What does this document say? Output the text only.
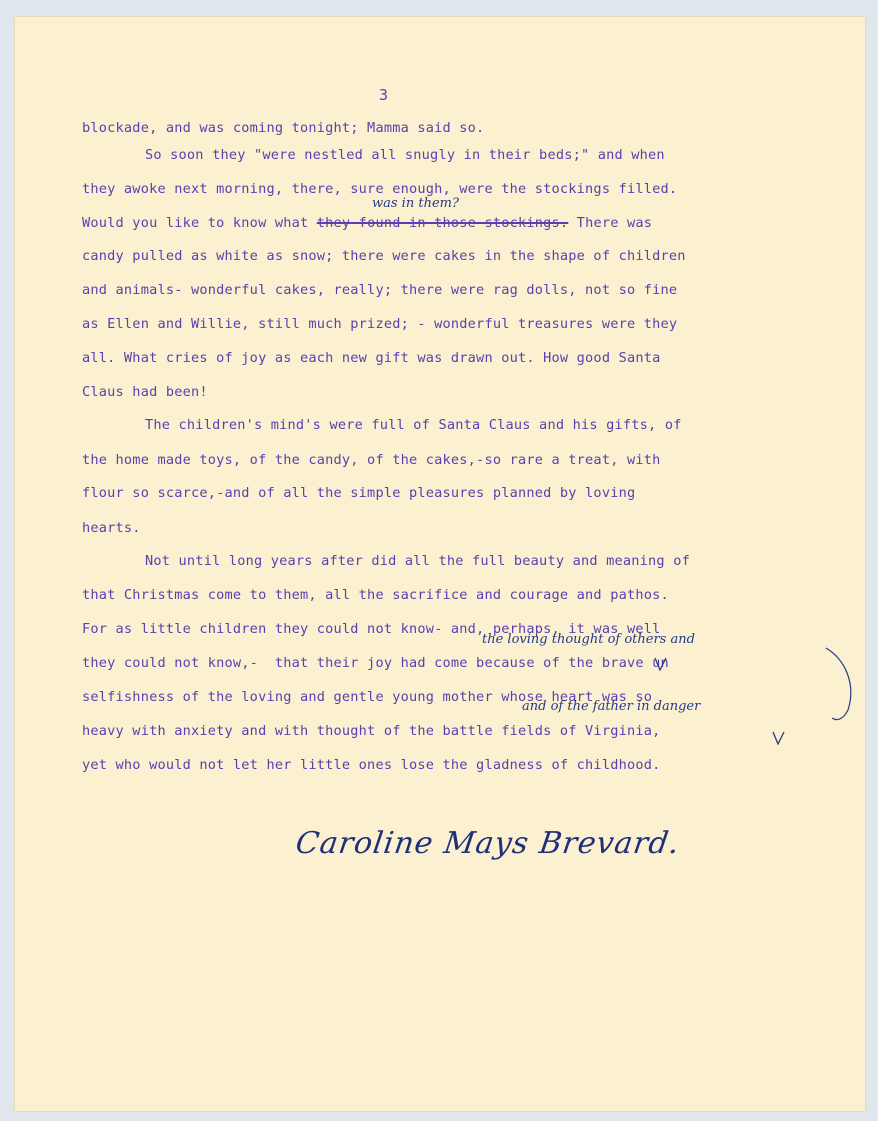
3
blockade, and was coming tonight; Mamma said so.
So soon they "were nestled all snugly in their beds;" and when
they awoke next morning, there, sure enough, were the stockings filled.
Would you like to know what they found in those stockings. There was
was in them?
candy pulled as white as snow; there were cakes in the shape of children
and animals- wonderful cakes, really; there were rag dolls, not so fine
as Ellen and Willie, still much prized; - wonderful treasures were they
all. What cries of joy as each new gift was drawn out. How good Santa
Claus had been!
The children's mind's were full of Santa Claus and his gifts, of
the home made toys, of the candy, of the cakes,-so rare a treat, with
flour so scarce,-and of all the simple pleasures planned by loving
hearts.
Not until long years after did all the full beauty and meaning of
that Christmas come to them, all the sacrifice and courage and pathos.
For as little children they could not know- and, perhaps, it was well
the loving thought of others and
they could not know,-  that their joy had come because of the brave un
selfishness of the loving and gentle young mother whose heart was so
and of the father in danger
heavy with anxiety and with thought of the battle fields of Virginia,
yet who would not let her little ones lose the gladness of childhood.
Caroline Mays Brevard.
